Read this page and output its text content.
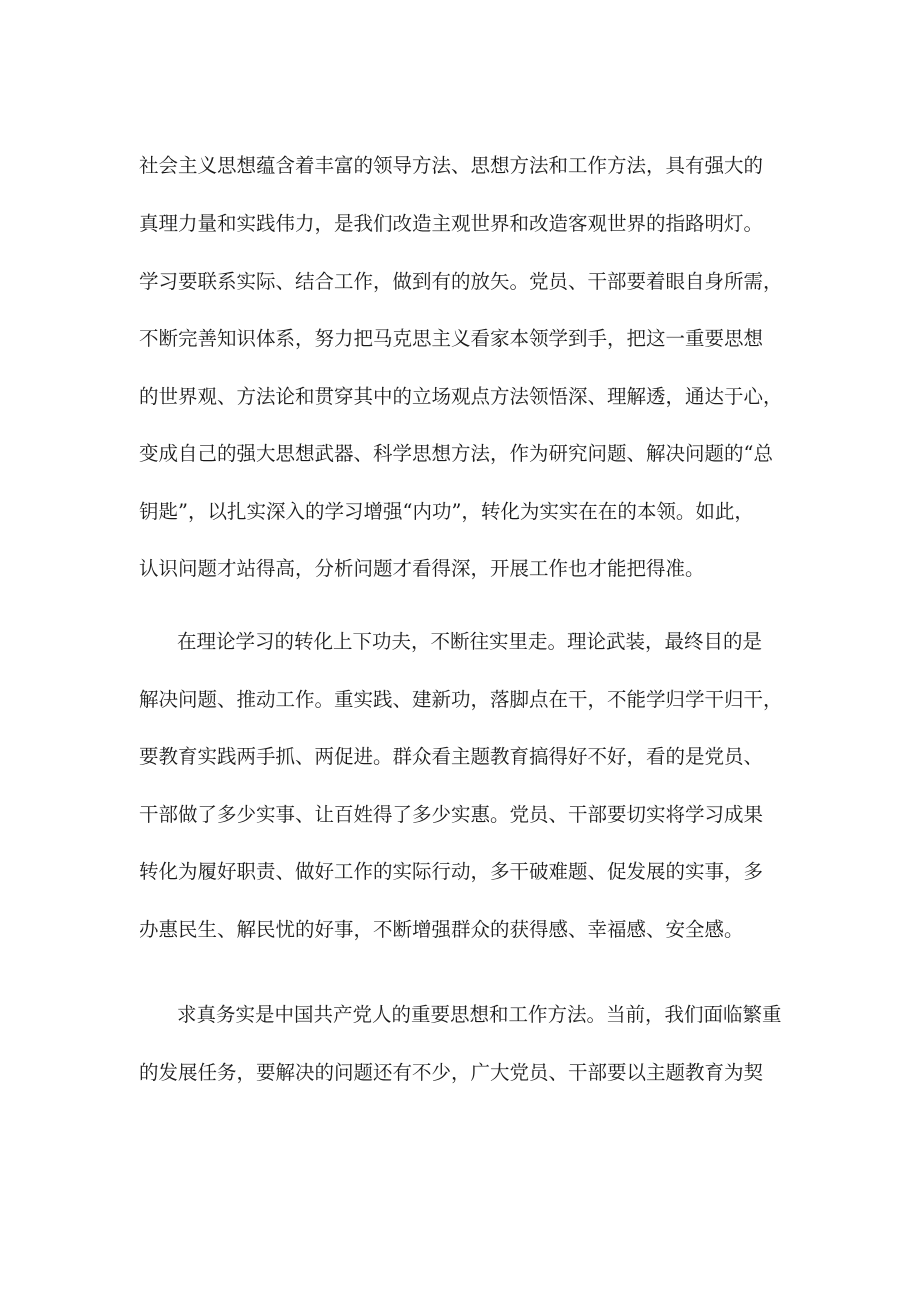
社会主义思想蕴含着丰富的领导方法、思想方法和工作方法，具有强大的
真理力量和实践伟力，是我们改造主观世界和改造客观世界的指路明灯。
学习要联系实际、结合工作，做到有的放矢。党员、干部要着眼自身所需，
不断完善知识体系，努力把马克思主义看家本领学到手，把这一重要思想
的世界观、方法论和贯穿其中的立场观点方法领悟深、理解透，通达于心，
变成自己的强大思想武器、科学思想方法，作为研究问题、解决问题的“总
钥匙”，以扎实深入的学习增强“内功”，转化为实实在在的本领。如此，
认识问题才站得高，分析问题才看得深，开展工作也才能把得准。
在理论学习的转化上下功夫，不断往实里走。理论武装，最终目的是
解决问题、推动工作。重实践、建新功，落脚点在干，不能学归学干归干，
要教育实践两手抓、两促进。群众看主题教育搞得好不好，看的是党员、
干部做了多少实事、让百姓得了多少实惠。党员、干部要切实将学习成果
转化为履好职责、做好工作的实际行动，多干破难题、促发展的实事，多
办惠民生、解民忧的好事，不断增强群众的获得感、幸福感、安全感。
求真务实是中国共产党人的重要思想和工作方法。当前，我们面临繁重
的发展任务，要解决的问题还有不少，广大党员、干部要以主题教育为契
